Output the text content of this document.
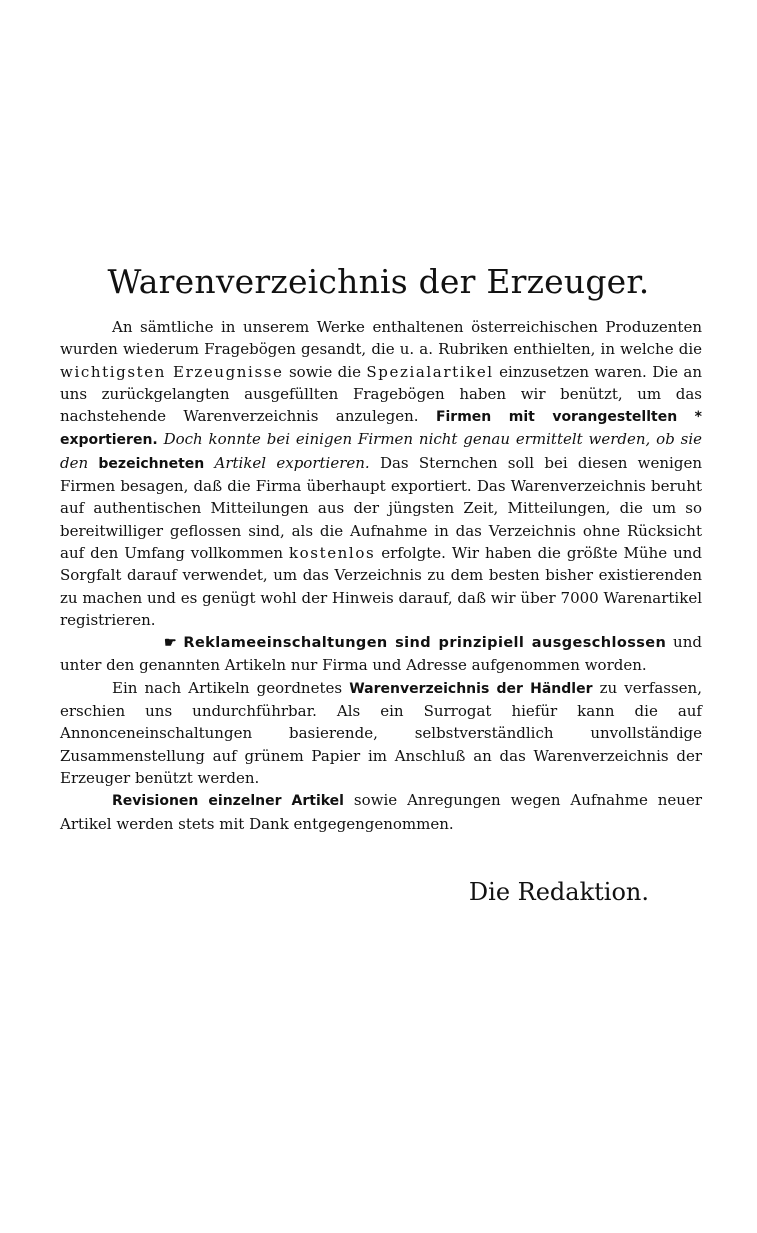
Warenverzeichnis der Erzeuger.

An sämtliche in unserem Werke enthaltenen österreichischen Produzenten wurden wiederum Fragebögen gesandt, die u. a. Rubriken enthielten, in welche die wichtigsten Erzeugnisse sowie die Spezialartikel einzusetzen waren. Die an uns zurückgelangten ausgefüllten Fragebögen haben wir benützt, um das nachstehende Warenverzeichnis anzulegen. Firmen mit vorangestellten * exportieren. Doch konnte bei einigen Firmen nicht genau ermittelt werden, ob sie den bezeichneten Artikel exportieren. Das Sternchen soll bei diesen wenigen Firmen besagen, daß die Firma überhaupt exportiert. Das Warenverzeichnis beruht auf authentischen Mitteilungen aus der jüngsten Zeit, Mitteilungen, die um so bereitwilliger geflossen sind, als die Aufnahme in das Verzeichnis ohne Rücksicht auf den Umfang vollkommen kostenlos erfolgte. Wir haben die größte Mühe und Sorgfalt darauf verwendet, um das Verzeichnis zu dem besten bisher existierenden zu machen und es genügt wohl der Hinweis darauf, daß wir über 7000 Warenartikel registrieren.

☛ Reklameeinschaltungen sind prinzipiell ausgeschlossen und unter den genannten Artikeln nur Firma und Adresse aufgenommen worden.

Ein nach Artikeln geordnetes Warenverzeichnis der Händler zu verfassen, erschien uns undurchführbar. Als ein Surrogat hiefür kann die auf Annonceneinschaltungen basierende, selbstverständlich unvollständige Zusammenstellung auf grünem Papier im Anschluß an das Warenverzeichnis der Erzeuger benützt werden.

Revisionen einzelner Artikel sowie Anregungen wegen Aufnahme neuer Artikel werden stets mit Dank entgegengenommen.

Die Redaktion.
